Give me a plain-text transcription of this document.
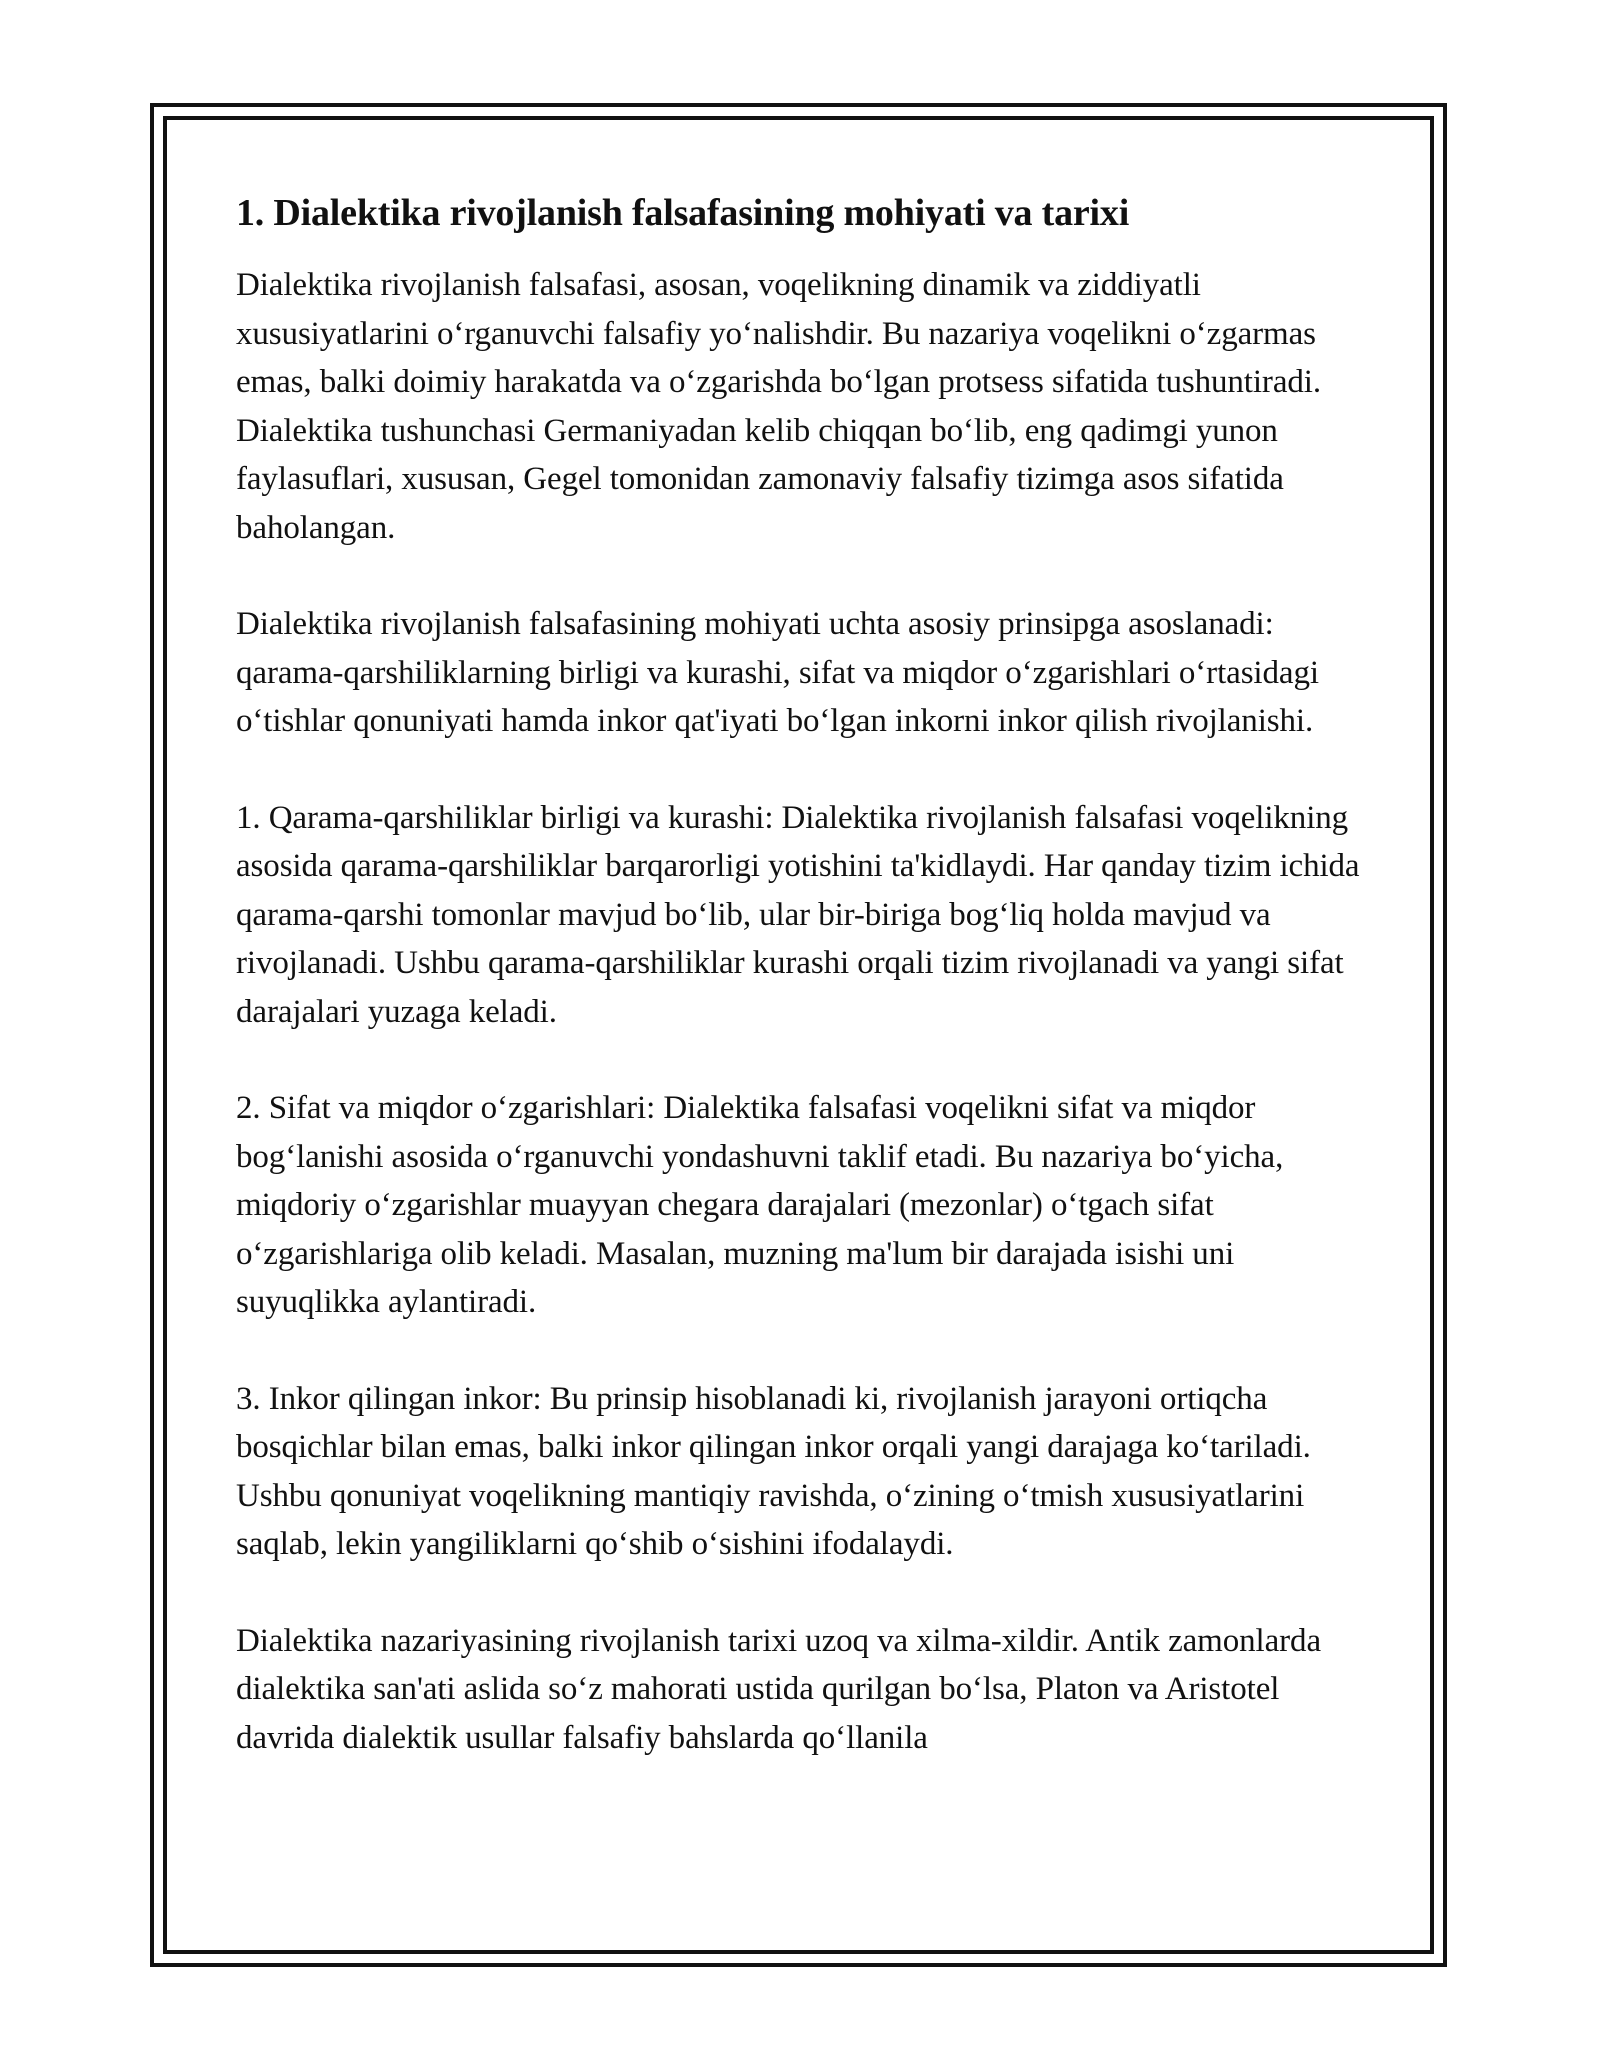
1. Dialektika rivojlanish falsafasining mohiyati va tarixi

Dialektika rivojlanish falsafasi, asosan, voqelikning dinamik va ziddiyatli xususiyatlarini o‘rganuvchi falsafiy yo‘nalishdir. Bu nazariya voqelikni o‘zgarmas emas, balki doimiy harakatda va o‘zgarishda bo‘lgan protsess sifatida tushuntiradi. Dialektika tushunchasi Germaniyadan kelib chiqqan bo‘lib, eng qadimgi yunon faylasuflari, xususan, Gegel tomonidan zamonaviy falsafiy tizimga asos sifatida baholangan.

Dialektika rivojlanish falsafasining mohiyati uchta asosiy prinsipga asoslanadi: qarama-qarshiliklarning birligi va kurashi, sifat va miqdor o‘zgarishlari o‘rtasidagi o‘tishlar qonuniyati hamda inkor qat'iyati bo‘lgan inkorni inkor qilish rivojlanishi.

1. Qarama-qarshiliklar birligi va kurashi: Dialektika rivojlanish falsafasi voqelikning asosida qarama-qarshiliklar barqarorligi yotishini ta'kidlaydi. Har qanday tizim ichida qarama-qarshi tomonlar mavjud bo‘lib, ular bir-biriga bog‘liq holda mavjud va rivojlanadi. Ushbu qarama-qarshiliklar kurashi orqali tizim rivojlanadi va yangi sifat darajalari yuzaga keladi.

2. Sifat va miqdor o‘zgarishlari: Dialektika falsafasi voqelikni sifat va miqdor bog‘lanishi asosida o‘rganuvchi yondashuvni taklif etadi. Bu nazariya bo‘yicha, miqdoriy o‘zgarishlar muayyan chegara darajalari (mezonlar) o‘tgach sifat o‘zgarishlariga olib keladi. Masalan, muzning ma'lum bir darajada isishi uni suyuqlikka aylantiradi.

3. Inkor qilingan inkor: Bu prinsip hisoblanadi ki, rivojlanish jarayoni ortiqcha bosqichlar bilan emas, balki inkor qilingan inkor orqali yangi darajaga ko‘tariladi. Ushbu qonuniyat voqelikning mantiqiy ravishda, o‘zining o‘tmish xususiyatlarini saqlab, lekin yangiliklarni qo‘shib o‘sishini ifodalaydi.

Dialektika nazariyasining rivojlanish tarixi uzoq va xilma-xildir. Antik zamonlarda dialektika san'ati aslida so‘z mahorati ustida qurilgan bo‘lsa, Platon va Aristotel davrida dialektik usullar falsafiy bahslarda qo‘llanila
